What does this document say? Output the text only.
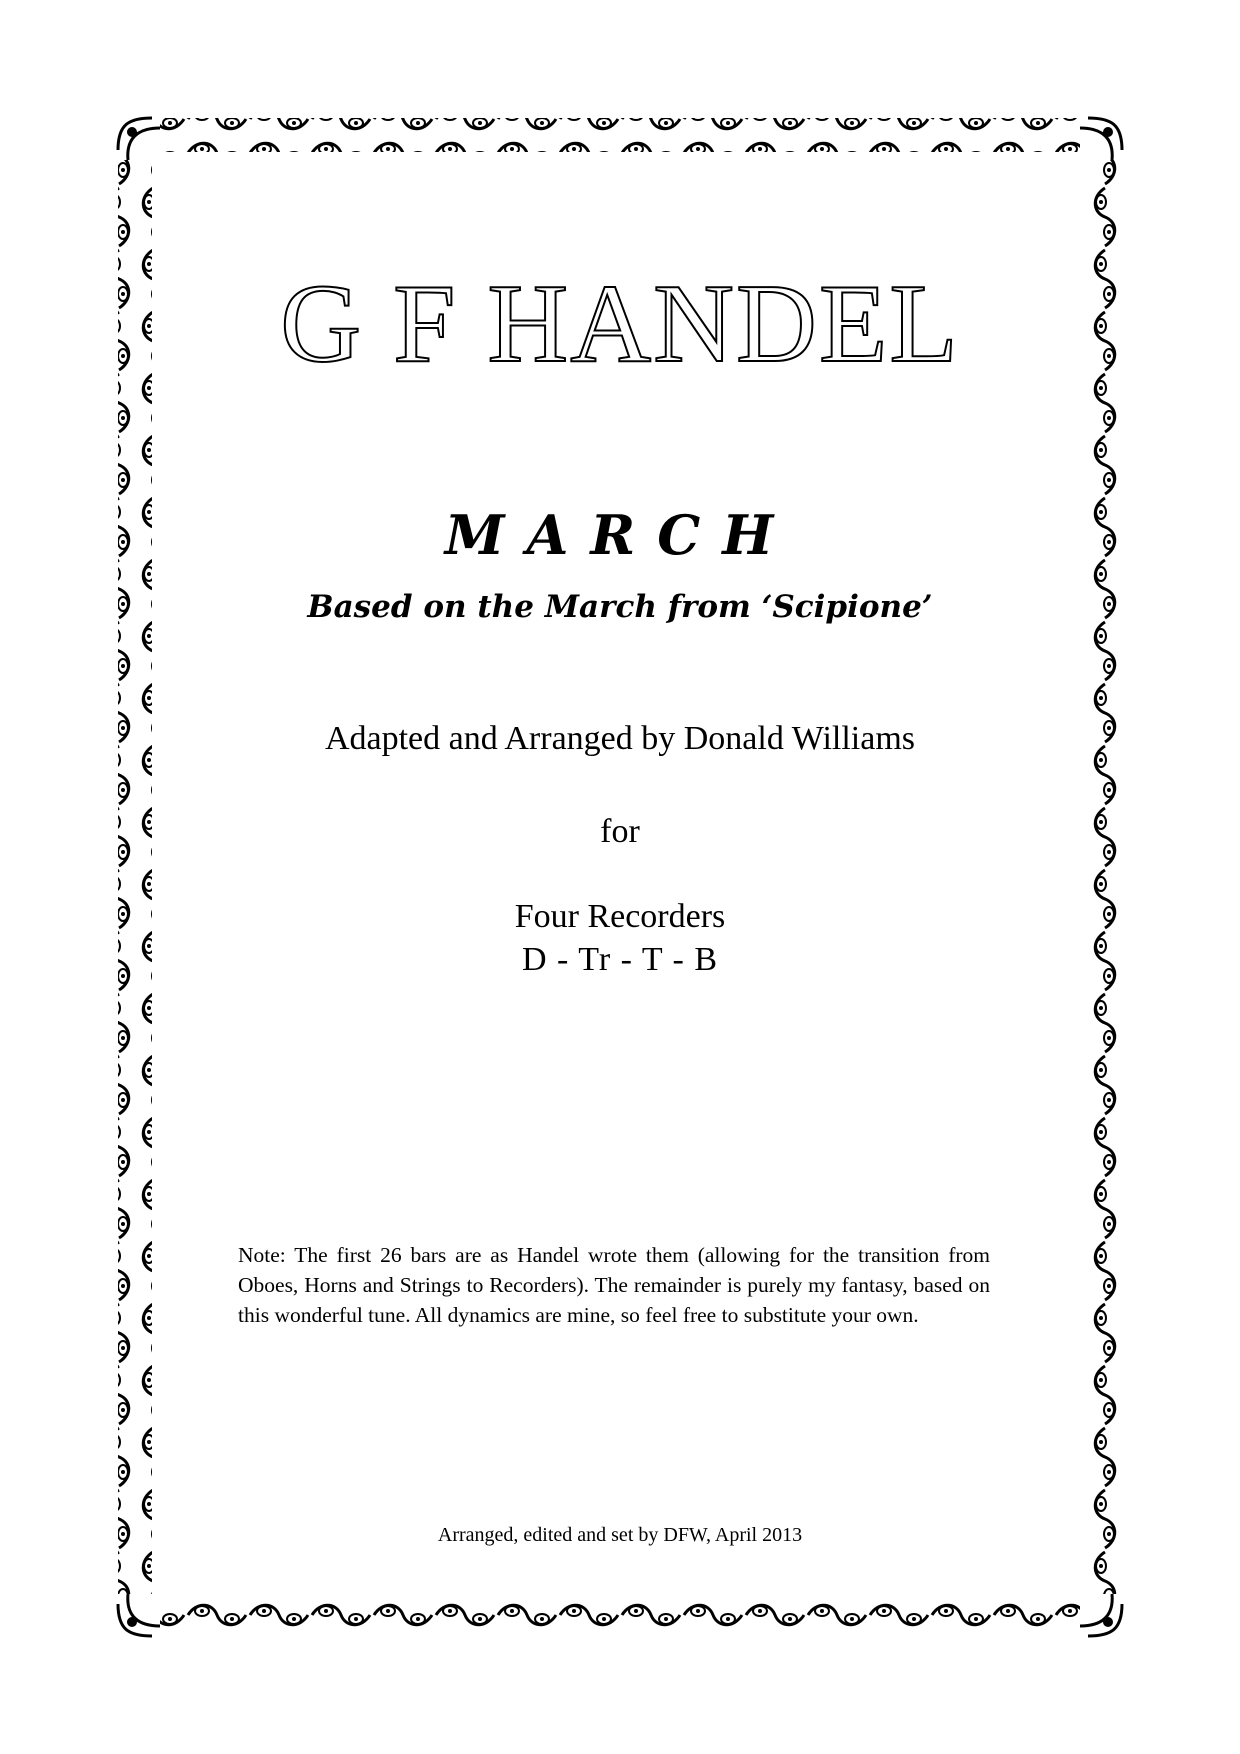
G F HANDEL
MARCH
Based on the March from ‘Scipione’
Adapted and Arranged by Donald Williams
for
Four Recorders
D - Tr - T - B
Note: The first 26 bars are as Handel wrote them (allowing for the transition from Oboes, Horns and Strings to Recorders). The remainder is purely my fantasy, based on this wonderful tune. All dynamics are mine, so feel free to substitute your own.
Arranged, edited and set by DFW, April 2013
